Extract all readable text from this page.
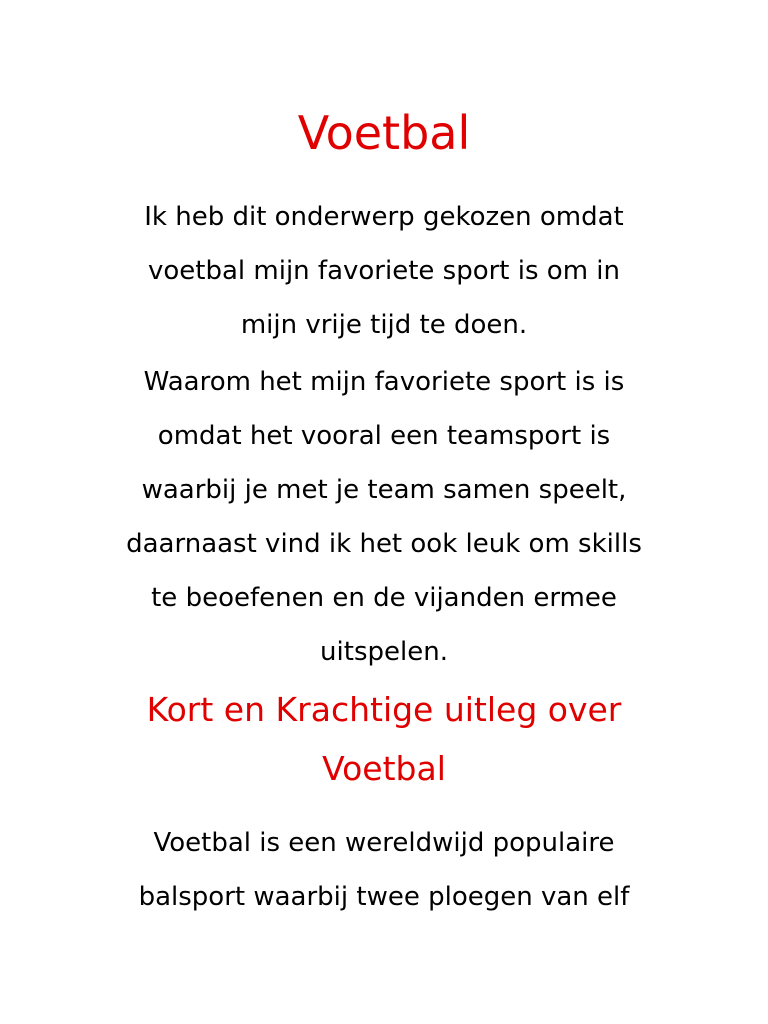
Voetbal

Ik heb dit onderwerp gekozen omdat
voetbal mijn favoriete sport is om in
mijn vrije tijd te doen.

Waarom het mijn favoriete sport is is
omdat het vooral een teamsport is
waarbij je met je team samen speelt,
daarnaast vind ik het ook leuk om skills
te beoefenen en de vijanden ermee
uitspelen.

Kort en Krachtige uitleg over
Voetbal

Voetbal is een wereldwijd populaire
balsport waarbij twee ploegen van elf
